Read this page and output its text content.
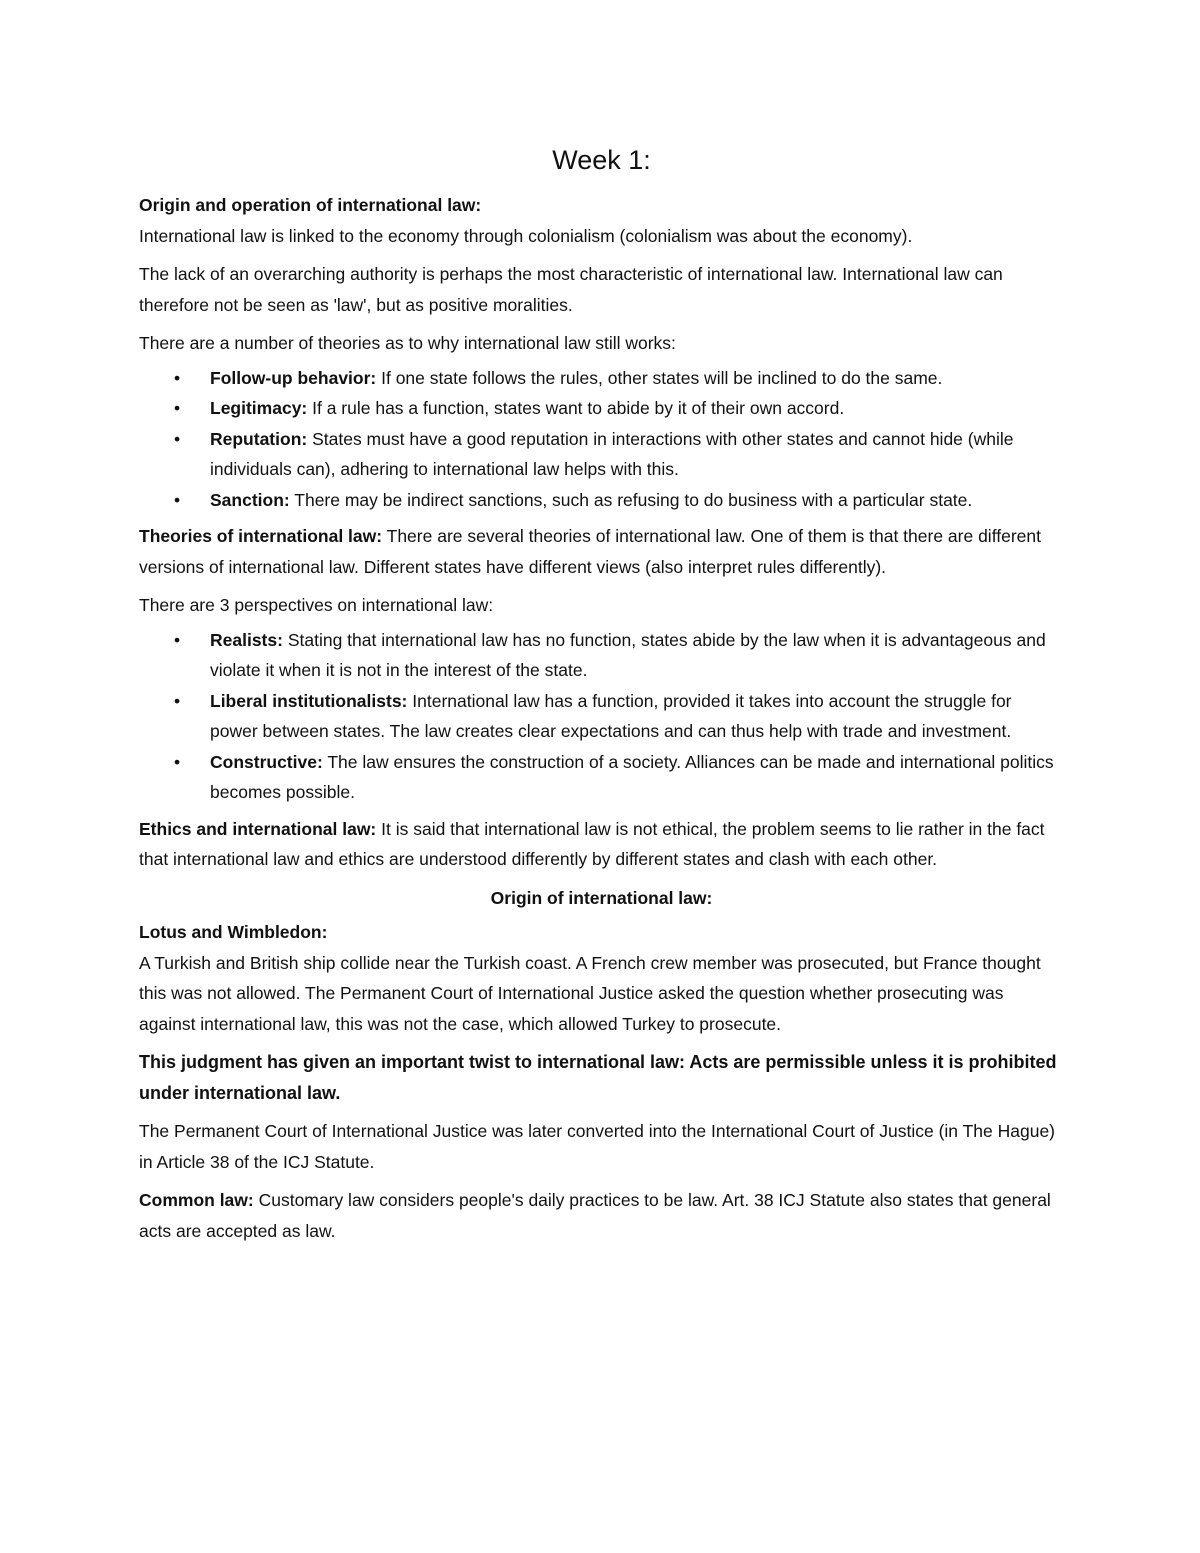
Week 1:
Origin and operation of international law:

International law is linked to the economy through colonialism (colonialism was about the economy).

The lack of an overarching authority is perhaps the most characteristic of international law. International law can therefore not be seen as 'law', but as positive moralities.

There are a number of theories as to why international law still works:

• Follow-up behavior: If one state follows the rules, other states will be inclined to do the same.
• Legitimacy: If a rule has a function, states want to abide by it of their own accord.
• Reputation: States must have a good reputation in interactions with other states and cannot hide (while individuals can), adhering to international law helps with this.
• Sanction: There may be indirect sanctions, such as refusing to do business with a particular state.

Theories of international law: There are several theories of international law. One of them is that there are different versions of international law. Different states have different views (also interpret rules differently).

There are 3 perspectives on international law:

• Realists: Stating that international law has no function, states abide by the law when it is advantageous and violate it when it is not in the interest of the state.
• Liberal institutionalists: International law has a function, provided it takes into account the struggle for power between states. The law creates clear expectations and can thus help with trade and investment.
• Constructive: The law ensures the construction of a society. Alliances can be made and international politics becomes possible.

Ethics and international law: It is said that international law is not ethical, the problem seems to lie rather in the fact that international law and ethics are understood differently by different states and clash with each other.

Origin of international law:
Lotus and Wimbledon:

A Turkish and British ship collide near the Turkish coast. A French crew member was prosecuted, but France thought this was not allowed. The Permanent Court of International Justice asked the question whether prosecuting was against international law, this was not the case, which allowed Turkey to prosecute.

This judgment has given an important twist to international law: Acts are permissible unless it is prohibited under international law.

The Permanent Court of International Justice was later converted into the International Court of Justice (in The Hague) in Article 38 of the ICJ Statute.

Common law: Customary law considers people's daily practices to be law. Art. 38 ICJ Statute also states that general acts are accepted as law.
